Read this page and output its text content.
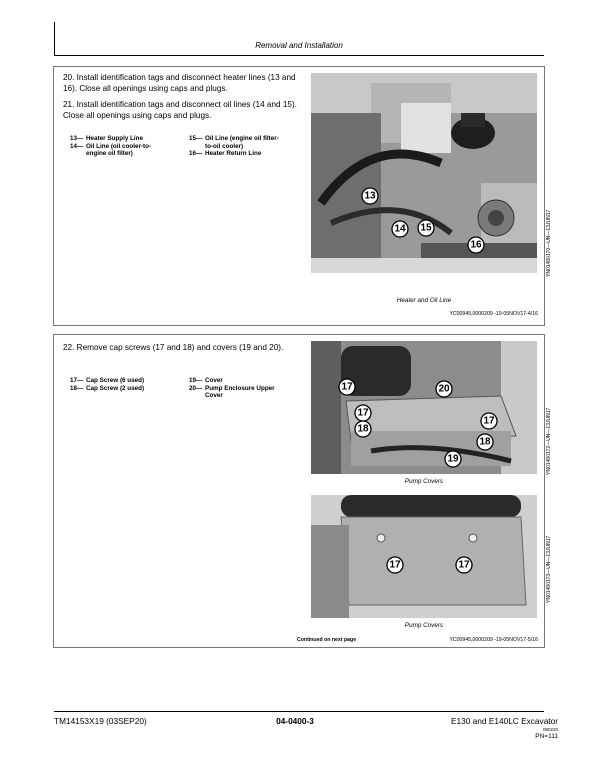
Removal and Installation
20. Install identification tags and disconnect heater lines (13 and 16). Close all openings using caps and plugs.
21. Install identification tags and disconnect oil lines (14 and 15). Close all openings using caps and plugs.
13— Heater Supply Line
14— Oil Line (oil cooler-to-engine oil filter)
15— Oil Line (engine oil filter-to-oil cooler)
16— Heater Return Line
13
14 15
16	YN01480170—UN—13JUN17
Heater and Oil Line
YC00945,0000209 -19-05NOV17-4/16
22. Remove cap screws (17 and 18) and covers (19 and 20).
17— Cap Screw (6 used)
18— Cap Screw (2 used)
19— Cover
20— Pump Enclosure Upper Cover
17	20
17
17
18
18
19	YN01480172—UN—13JUN17
Pump Covers
17	17	YN01480173—UN—13JUN17
Pump Covers
Continued on next page	YC00945,0000209 -19-05NOV17-5/16
TM14153X19 (03SEP20)	04-0400-3	E130 and E140LC Excavator
090220
PN=111
